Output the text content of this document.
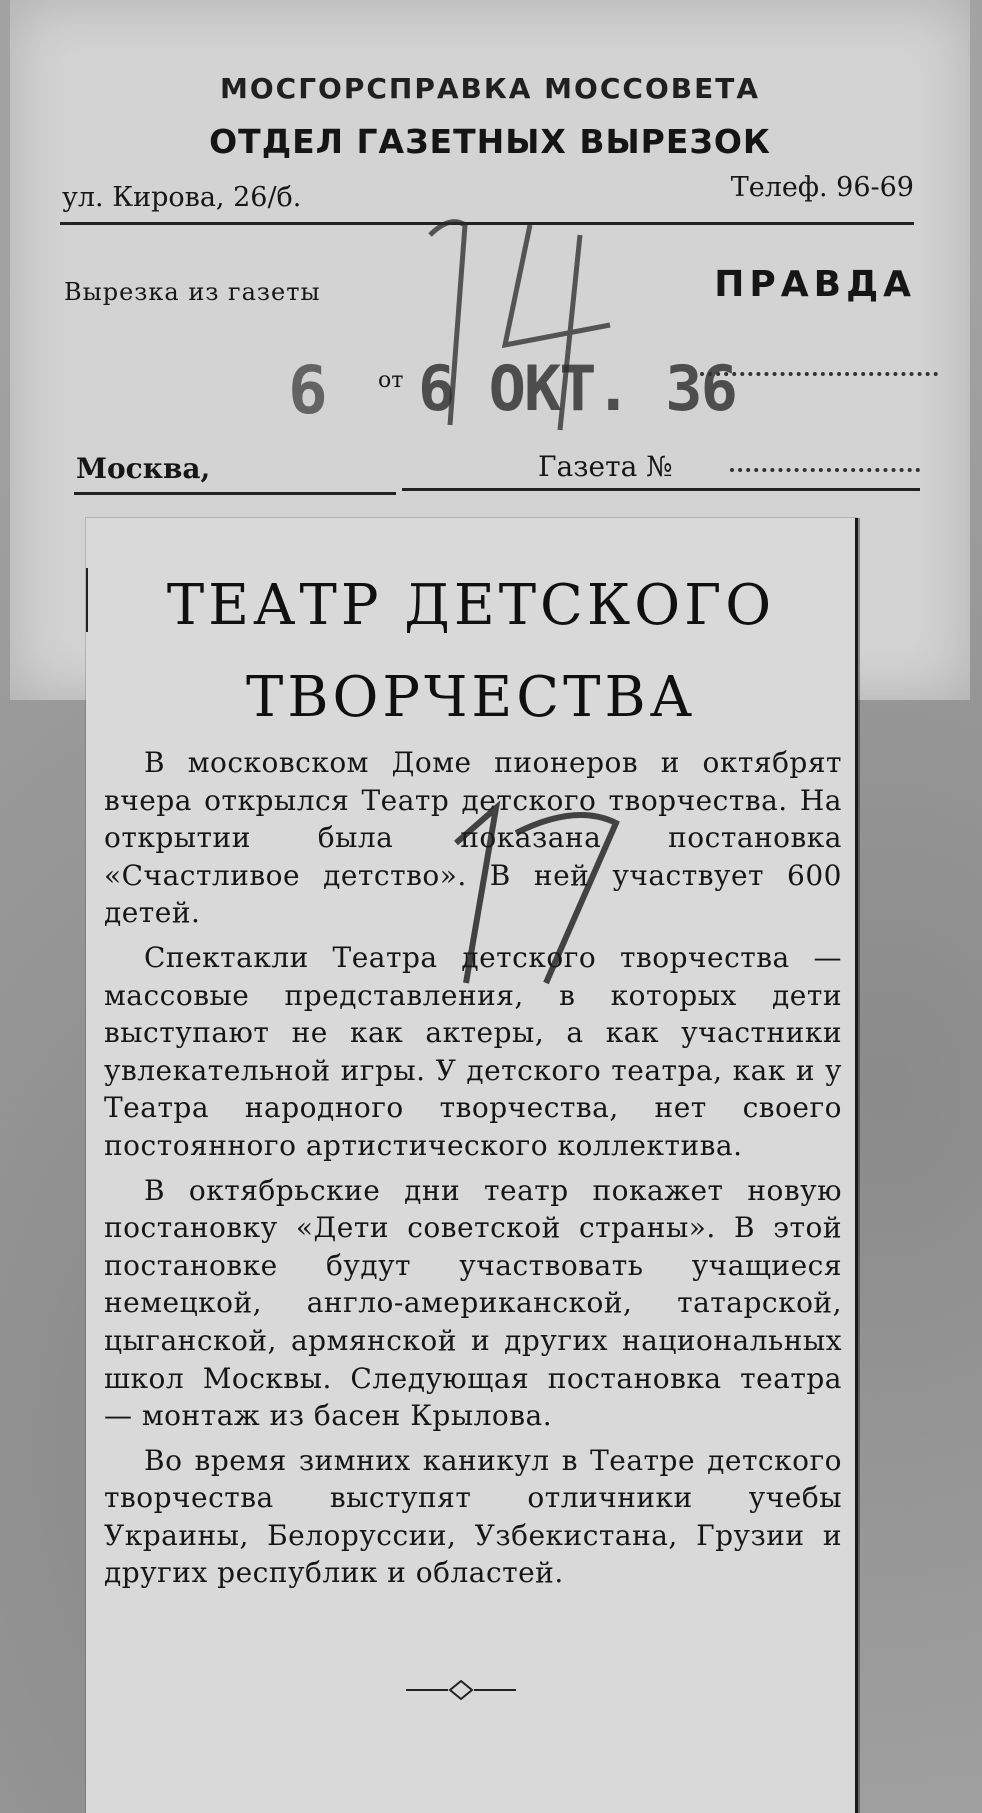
МОСГОРСПРАВКА МОССОВЕТА
ОТДЕЛ ГАЗЕТНЫХ ВЫРЕЗОК
ул. Кирова, 26/б.	Телеф. 96-69
Вырезка из газеты	ПРАВДА
6 от 6 ОКТ. 36
Москва,	Газета №
ТЕАТР ДЕТСКОГО
ТВОРЧЕСТВА

В московском Доме пионеров и октябрят вчера открылся Театр детского творчества. На открытии была показана постановка «Счастливое детство». В ней участвует 600 детей.

Спектакли Театра детского творчества — массовые представления, в которых дети выступают не как актеры, а как участники увлекательной игры. У детского театра, как и у Театра народного творчества, нет своего постоянного артистического коллектива.

В октябрьские дни театр покажет новую постановку «Дети советской страны». В этой постановке будут участвовать учащиеся немецкой, англо-американской, татарской, цыганской, армянской и других национальных школ Москвы. Следующая постановка театра — монтаж из басен Крылова.

Во время зимних каникул в Театре детского творчества выступят отличники учебы Украины, Белоруссии, Узбекистана, Грузии и других республик и областей.
